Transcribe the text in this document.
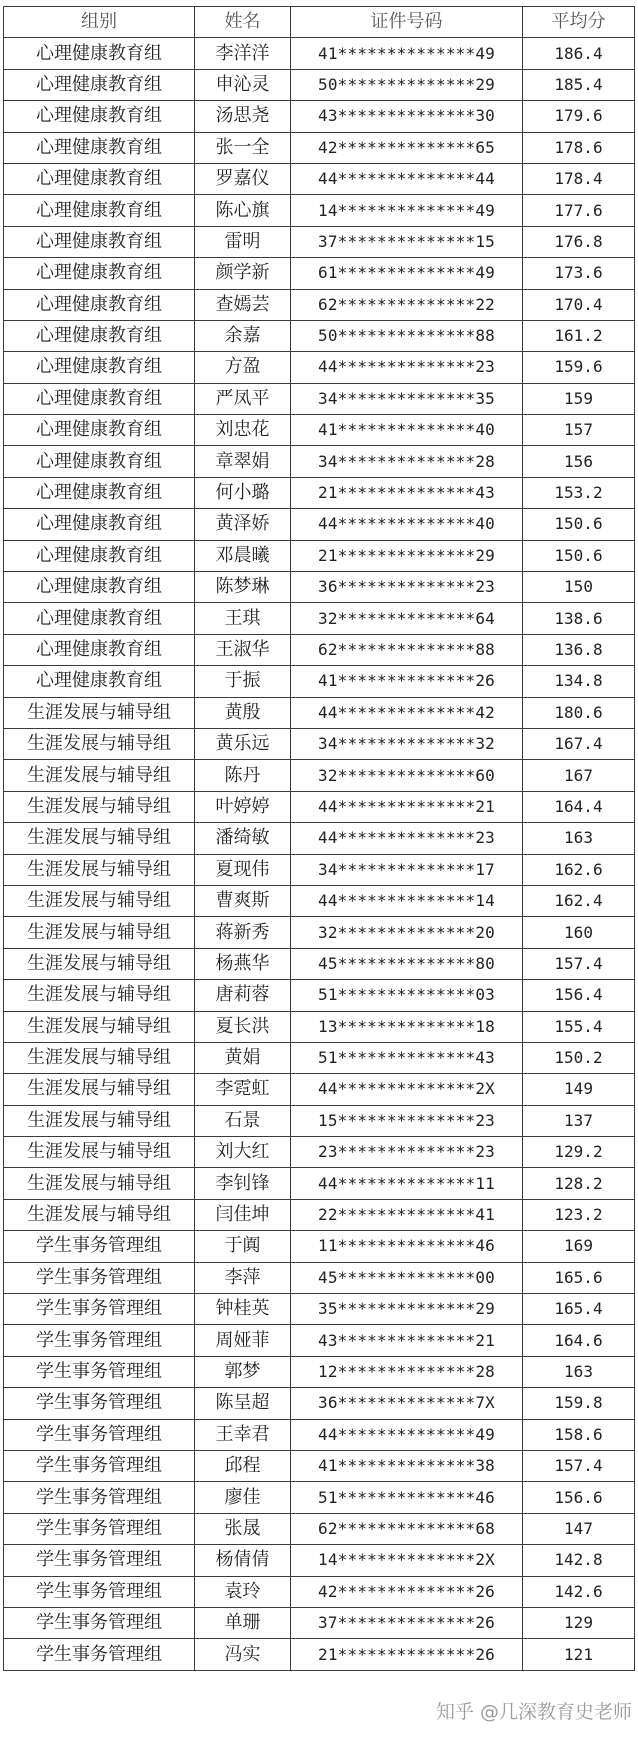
组别	姓名	证件号码	平均分
心理健康教育组	李洋洋	41**************49	186.4
心理健康教育组	申沁灵	50**************29	185.4
心理健康教育组	汤思尧	43**************30	179.6
心理健康教育组	张一全	42**************65	178.6
心理健康教育组	罗嘉仪	44**************44	178.4
心理健康教育组	陈心旗	14**************49	177.6
心理健康教育组	雷明	37**************15	176.8
心理健康教育组	颜学新	61**************49	173.6
心理健康教育组	查嫣芸	62**************22	170.4
心理健康教育组	余嘉	50**************88	161.2
心理健康教育组	方盈	44**************23	159.6
心理健康教育组	严凤平	34**************35	159
心理健康教育组	刘忠花	41**************40	157
心理健康教育组	章翠娟	34**************28	156
心理健康教育组	何小璐	21**************43	153.2
心理健康教育组	黄泽娇	44**************40	150.6
心理健康教育组	邓晨曦	21**************29	150.6
心理健康教育组	陈梦琳	36**************23	150
心理健康教育组	王琪	32**************64	138.6
心理健康教育组	王淑华	62**************88	136.8
心理健康教育组	于振	41**************26	134.8
生涯发展与辅导组	黄殷	44**************42	180.6
生涯发展与辅导组	黄乐远	34**************32	167.4
生涯发展与辅导组	陈丹	32**************60	167
生涯发展与辅导组	叶婷婷	44**************21	164.4
生涯发展与辅导组	潘绮敏	44**************23	163
生涯发展与辅导组	夏现伟	34**************17	162.6
生涯发展与辅导组	曹爽斯	44**************14	162.4
生涯发展与辅导组	蒋新秀	32**************20	160
生涯发展与辅导组	杨燕华	45**************80	157.4
生涯发展与辅导组	唐莉蓉	51**************03	156.4
生涯发展与辅导组	夏长洪	13**************18	155.4
生涯发展与辅导组	黄娟	51**************43	150.2
生涯发展与辅导组	李霓虹	44**************2X	149
生涯发展与辅导组	石景	15**************23	137
生涯发展与辅导组	刘大红	23**************23	129.2
生涯发展与辅导组	李钊锋	44**************11	128.2
生涯发展与辅导组	闫佳坤	22**************41	123.2
学生事务管理组	于阗	11**************46	169
学生事务管理组	李萍	45**************00	165.6
学生事务管理组	钟桂英	35**************29	165.4
学生事务管理组	周娅菲	43**************21	164.6
学生事务管理组	郭梦	12**************28	163
学生事务管理组	陈呈超	36**************7X	159.8
学生事务管理组	王幸君	44**************49	158.6
学生事务管理组	邱程	41**************38	157.4
学生事务管理组	廖佳	51**************46	156.6
学生事务管理组	张晟	62**************68	147
学生事务管理组	杨倩倩	14**************2X	142.8
学生事务管理组	袁玲	42**************26	142.6
学生事务管理组	单珊	37**************26	129
学生事务管理组	冯实	21**************26	121
知乎 @几深教育史老师
